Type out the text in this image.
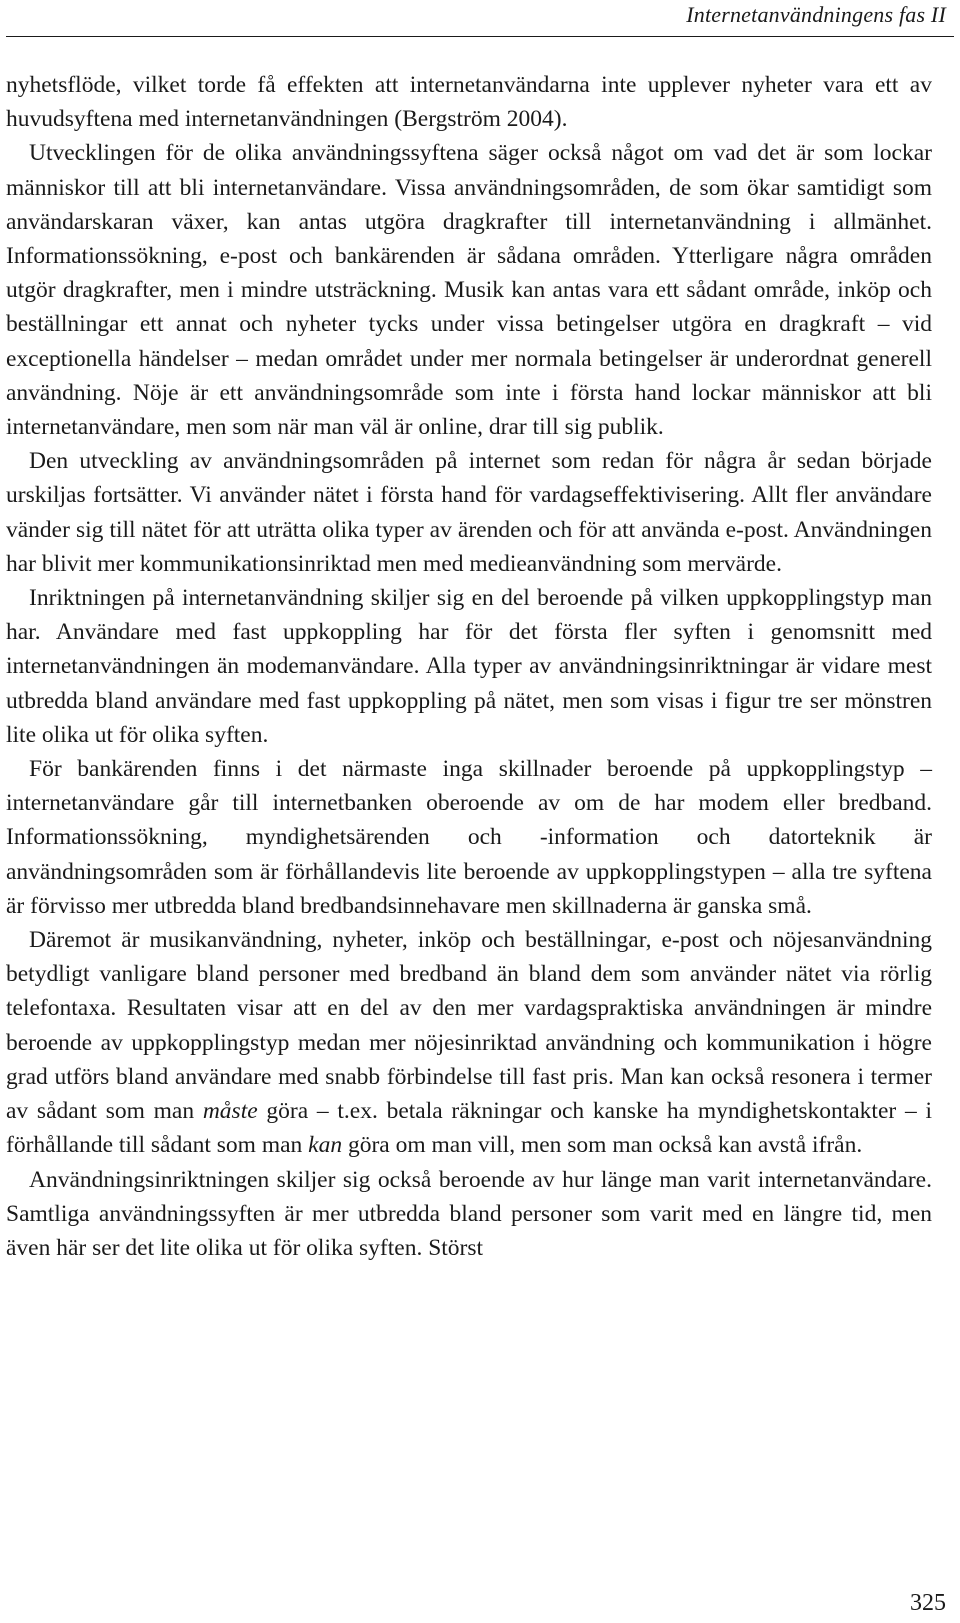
Internetanvändningens fas II

nyhetsflöde, vilket torde få effekten att internetanvändarna inte upplever nyheter vara ett av huvudsyftena med internetanvändningen (Bergström 2004).

Utvecklingen för de olika användningssyftena säger också något om vad det är som lockar människor till att bli internetanvändare. Vissa användningsområden, de som ökar samtidigt som användarskaran växer, kan antas utgöra dragkrafter till internetanvändning i allmänhet. Informationssökning, e-post och bankärenden är sådana områden. Ytterligare några områden utgör dragkrafter, men i mindre utsträckning. Musik kan antas vara ett sådant område, inköp och beställningar ett annat och nyheter tycks under vissa betingelser utgöra en dragkraft – vid exceptionella händelser – medan området under mer normala betingelser är underordnat generell användning. Nöje är ett användningsområde som inte i första hand lockar människor att bli internetanvändare, men som när man väl är online, drar till sig publik.

Den utveckling av användningsområden på internet som redan för några år sedan började urskiljas fortsätter. Vi använder nätet i första hand för vardagseffektivisering. Allt fler användare vänder sig till nätet för att uträtta olika typer av ärenden och för att använda e-post. Användningen har blivit mer kommunikationsinriktad men med medieanvändning som mervärde.

Inriktningen på internetanvändning skiljer sig en del beroende på vilken uppkopplingstyp man har. Användare med fast uppkoppling har för det första fler syften i genomsnitt med internetanvändningen än modemanvändare. Alla typer av användningsinriktningar är vidare mest utbredda bland användare med fast uppkoppling på nätet, men som visas i figur tre ser mönstren lite olika ut för olika syften.

För bankärenden finns i det närmaste inga skillnader beroende på uppkopplingstyp – internetanvändare går till internetbanken oberoende av om de har modem eller bredband. Informationssökning, myndighetsärenden och -information och datorteknik är användningsområden som är förhållandevis lite beroende av uppkopplingstypen – alla tre syftena är förvisso mer utbredda bland bredbandsinnehavare men skillnaderna är ganska små.

Däremot är musikanvändning, nyheter, inköp och beställningar, e-post och nöjesanvändning betydligt vanligare bland personer med bredband än bland dem som använder nätet via rörlig telefontaxa. Resultaten visar att en del av den mer vardagspraktiska användningen är mindre beroende av uppkopplingstyp medan mer nöjesinriktad användning och kommunikation i högre grad utförs bland användare med snabb förbindelse till fast pris. Man kan också resonera i termer av sådant som man måste göra – t.ex. betala räkningar och kanske ha myndighetskontakter – i förhållande till sådant som man kan göra om man vill, men som man också kan avstå ifrån.

Användningsinriktningen skiljer sig också beroende av hur länge man varit internetanvändare. Samtliga användningssyften är mer utbredda bland personer som varit med en längre tid, men även här ser det lite olika ut för olika syften. Störst

325
